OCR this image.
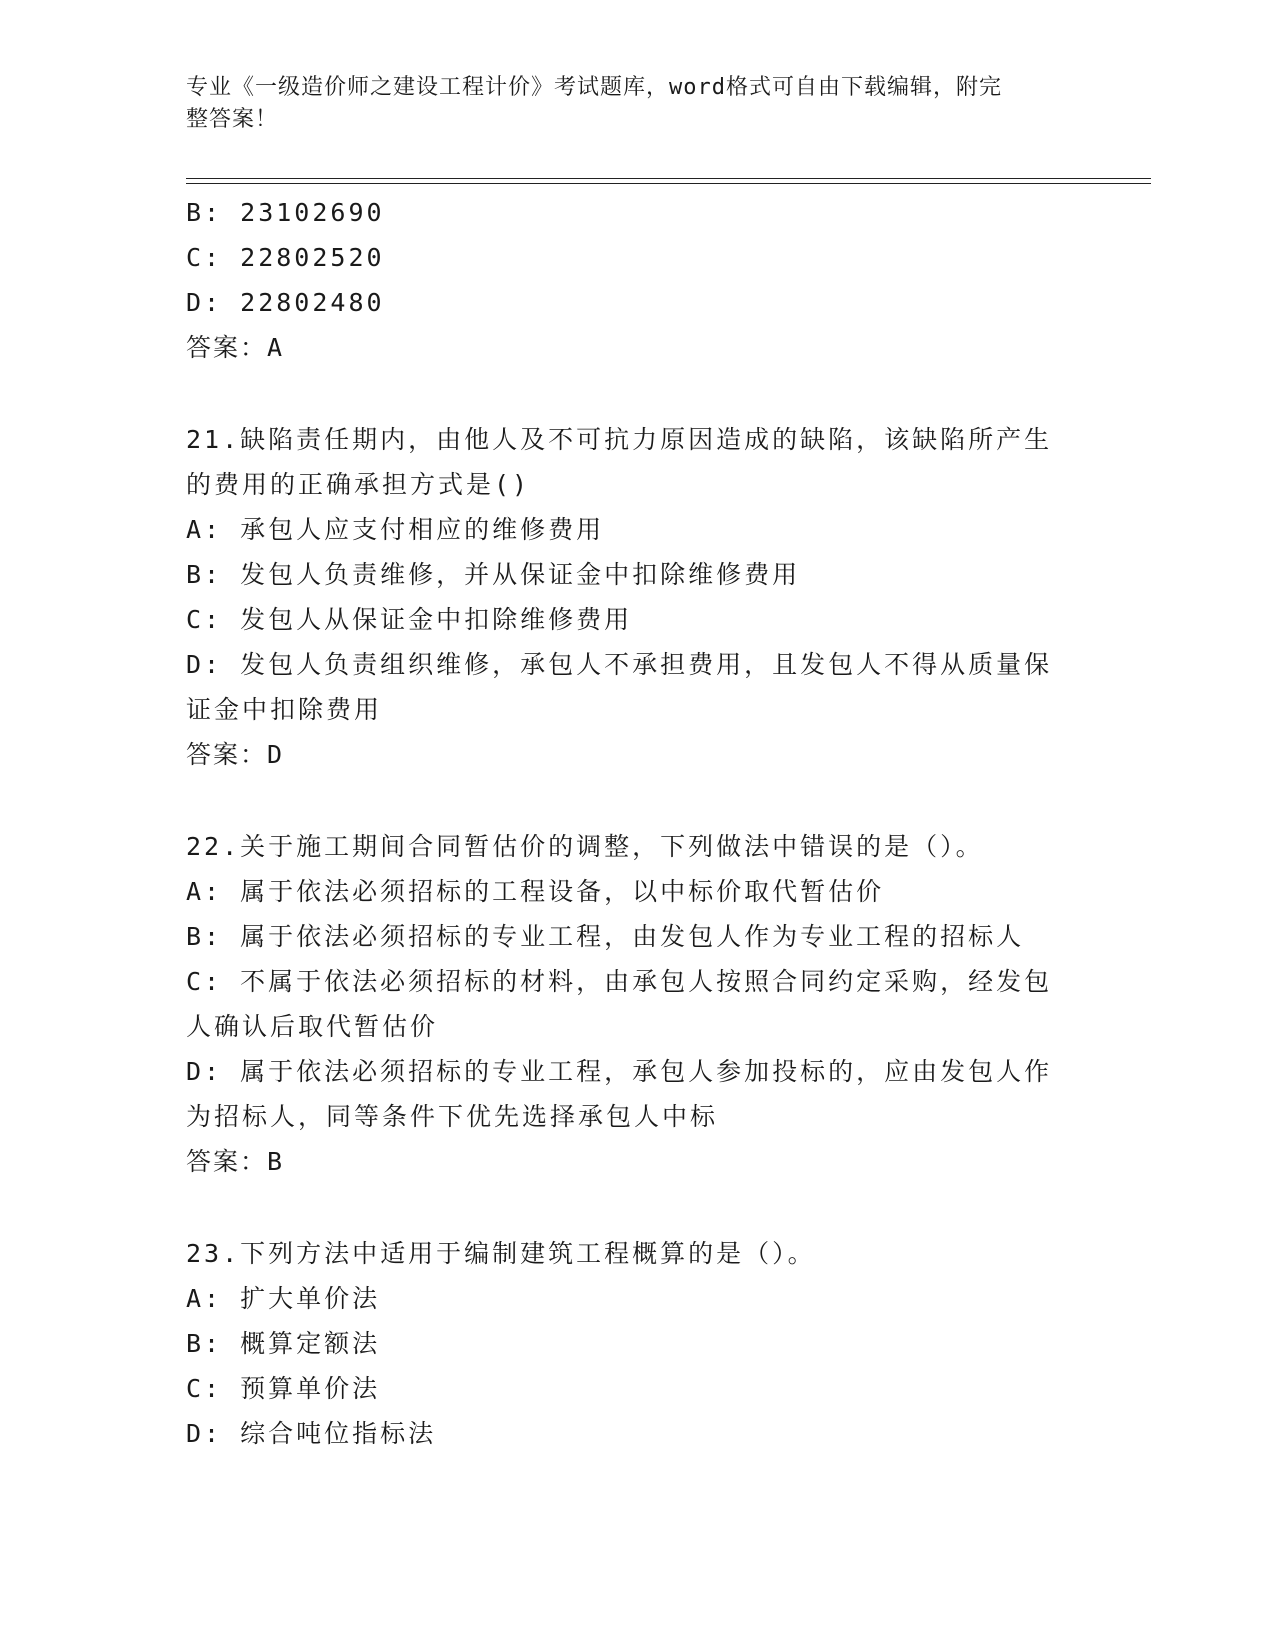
专业《一级造价师之建设工程计价》考试题库，word格式可自由下载编辑，附完
整答案！
B: 23102690
C: 22802520
D: 22802480
答案：A
21.缺陷责任期内，由他人及不可抗力原因造成的缺陷，该缺陷所产生
的费用的正确承担方式是()
A: 承包人应支付相应的维修费用
B: 发包人负责维修，并从保证金中扣除维修费用
C: 发包人从保证金中扣除维修费用
D: 发包人负责组织维修，承包人不承担费用，且发包人不得从质量保
证金中扣除费用
答案：D
22.关于施工期间合同暂估价的调整，下列做法中错误的是（）。
A: 属于依法必须招标的工程设备，以中标价取代暂估价
B: 属于依法必须招标的专业工程，由发包人作为专业工程的招标人
C: 不属于依法必须招标的材料，由承包人按照合同约定采购，经发包
人确认后取代暂估价
D: 属于依法必须招标的专业工程，承包人参加投标的，应由发包人作
为招标人，同等条件下优先选择承包人中标
答案：B
23.下列方法中适用于编制建筑工程概算的是（）。
A: 扩大单价法
B: 概算定额法
C: 预算单价法
D: 综合吨位指标法
